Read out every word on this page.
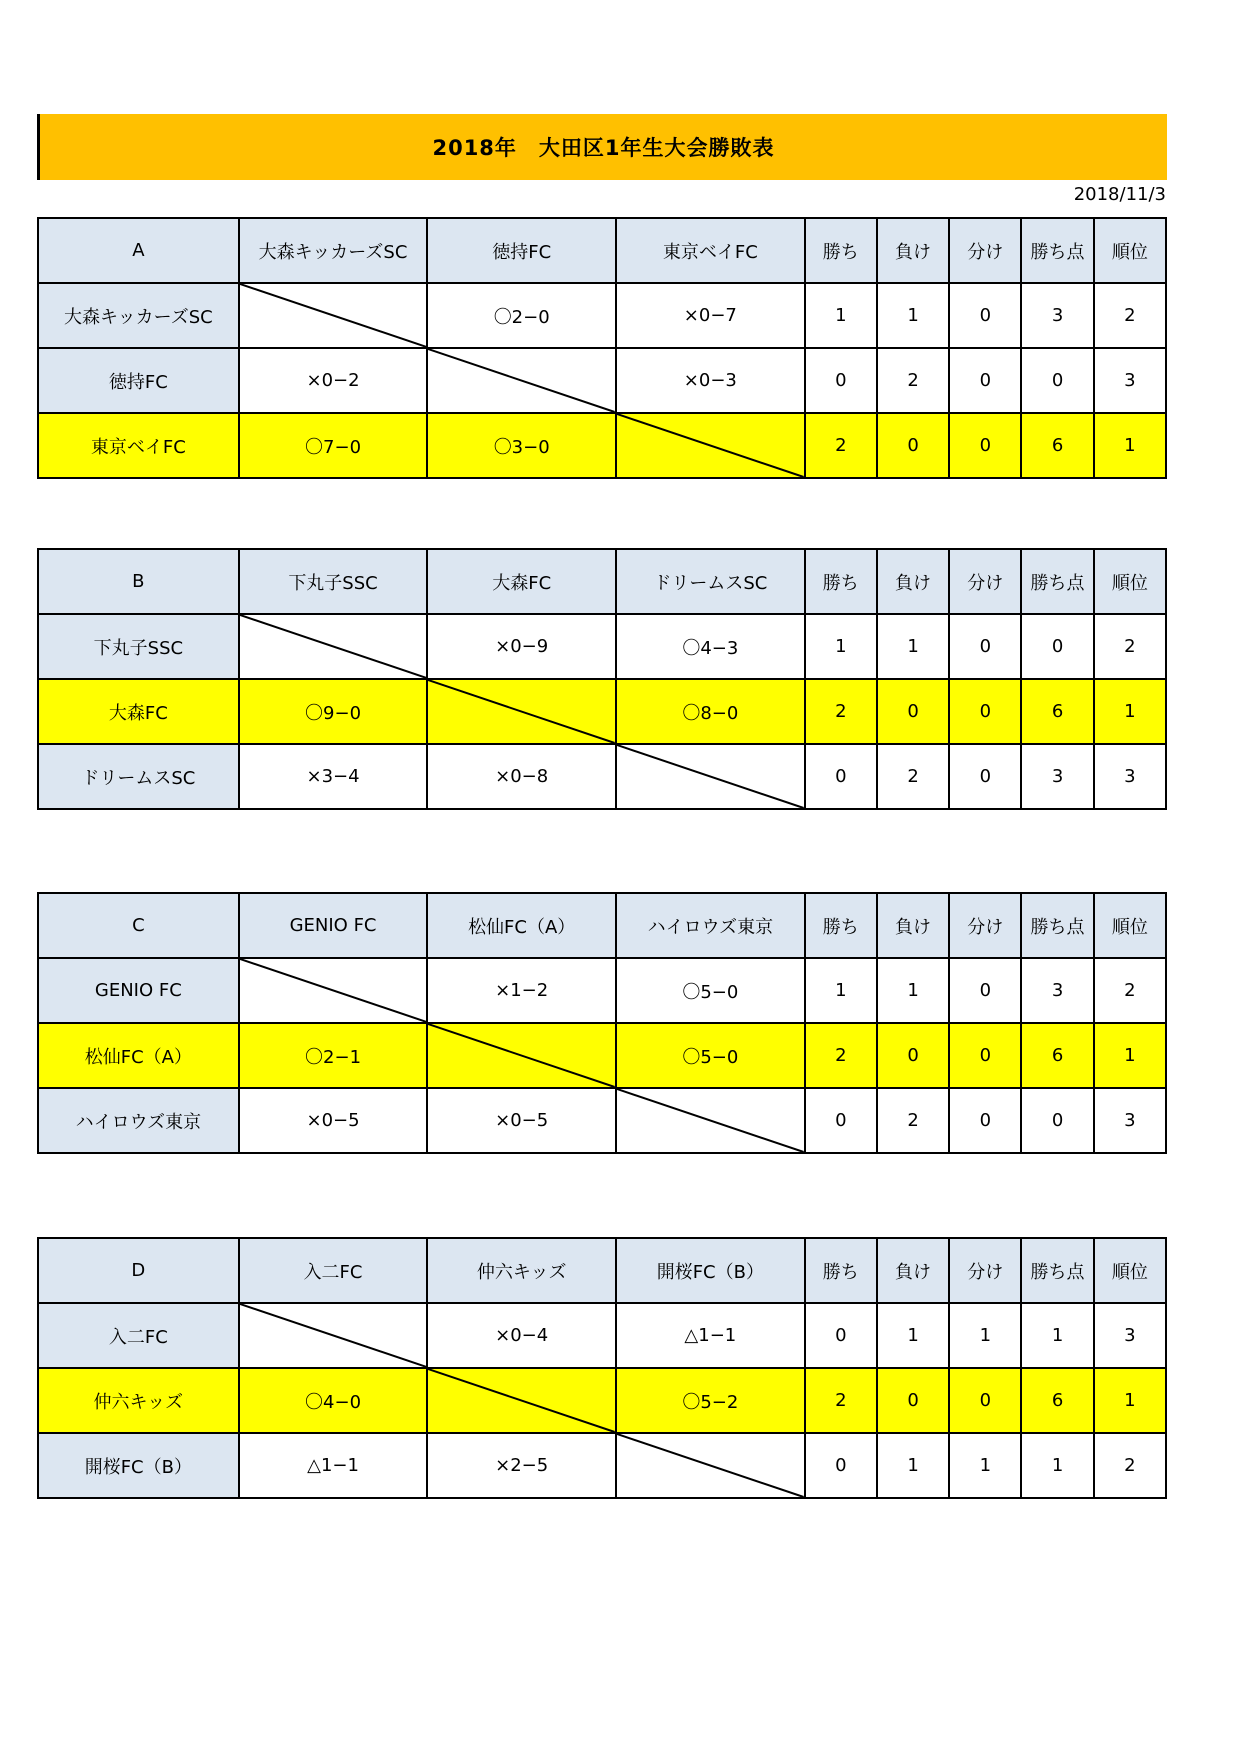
2018年　大田区1年生大会勝敗表
2018/11/3
A	大森キッカーズSC	徳持FC	東京ベイFC	勝ち	負け	分け	勝ち点	順位
大森キッカーズSC		〇2−0	×0−7	1	1	0	3	2
徳持FC	×0−2		×0−3	0	2	0	0	3
東京ベイFC	〇7−0	〇3−0		2	0	0	6	1
B	下丸子SSC	大森FC	ドリームスSC	勝ち	負け	分け	勝ち点	順位
下丸子SSC		×0−9	〇4−3	1	1	0	0	2
大森FC	〇9−0		〇8−0	2	0	0	6	1
ドリームスSC	×3−4	×0−8		0	2	0	3	3
C	GENIO FC	松仙FC（A）	ハイロウズ東京	勝ち	負け	分け	勝ち点	順位
GENIO FC		×1−2	〇5−0	1	1	0	3	2
松仙FC（A）	〇2−1		〇5−0	2	0	0	6	1
ハイロウズ東京	×0−5	×0−5		0	2	0	0	3
D	入二FC	仲六キッズ	開桜FC（B）	勝ち	負け	分け	勝ち点	順位
入二FC		×0−4	△1−1	0	1	1	1	3
仲六キッズ	〇4−0		〇5−2	2	0	0	6	1
開桜FC（B）	△1−1	×2−5		0	1	1	1	2
